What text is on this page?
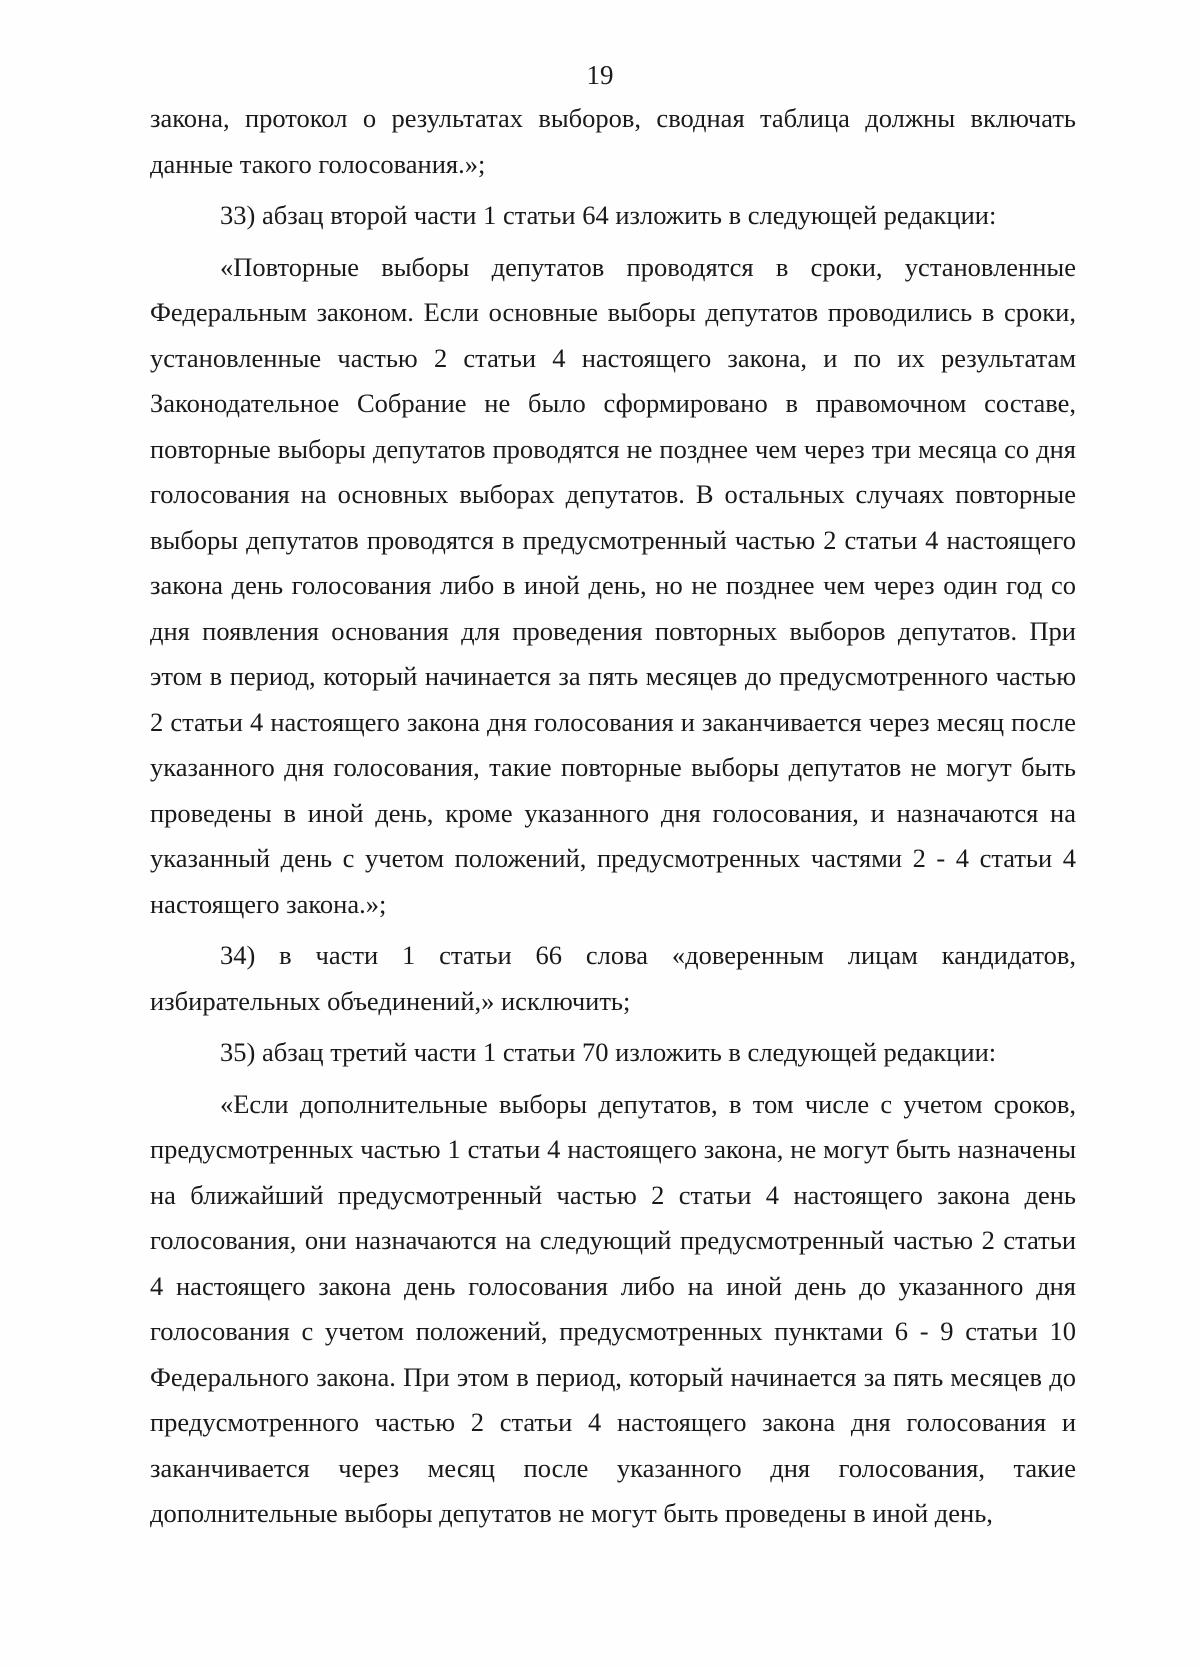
19

закона, протокол о результатах выборов, сводная таблица должны включать данные такого голосования.»;

33) абзац второй части 1 статьи 64 изложить в следующей редакции:

«Повторные выборы депутатов проводятся в сроки, установленные Федеральным законом. Если основные выборы депутатов проводились в сроки, установленные частью 2 статьи 4 настоящего закона, и по их результатам Законодательное Собрание не было сформировано в правомочном составе, повторные выборы депутатов проводятся не позднее чем через три месяца со дня голосования на основных выборах депутатов. В остальных случаях повторные выборы депутатов проводятся в предусмотренный частью 2 статьи 4 настоящего закона день голосования либо в иной день, но не позднее чем через один год со дня появления основания для проведения повторных выборов депутатов. При этом в период, который начинается за пять месяцев до предусмотренного частью 2 статьи 4 настоящего закона дня голосования и заканчивается через месяц после указанного дня голосования, такие повторные выборы депутатов не могут быть проведены в иной день, кроме указанного дня голосования, и назначаются на указанный день с учетом положений, предусмотренных частями 2 - 4 статьи 4 настоящего закона.»;

34) в части 1 статьи 66 слова «доверенным лицам кандидатов, избирательных объединений,» исключить;

35) абзац третий части 1 статьи 70 изложить в следующей редакции:

«Если дополнительные выборы депутатов, в том числе с учетом сроков, предусмотренных частью 1 статьи 4 настоящего закона, не могут быть назначены на ближайший предусмотренный частью 2 статьи 4 настоящего закона день голосования, они назначаются на следующий предусмотренный частью 2 статьи 4 настоящего закона день голосования либо на иной день до указанного дня голосования с учетом положений, предусмотренных пунктами 6 - 9 статьи 10 Федерального закона. При этом в период, который начинается за пять месяцев до предусмотренного частью 2 статьи 4 настоящего закона дня голосования и заканчивается через месяц после указанного дня голосования, такие дополнительные выборы депутатов не могут быть проведены в иной день,
